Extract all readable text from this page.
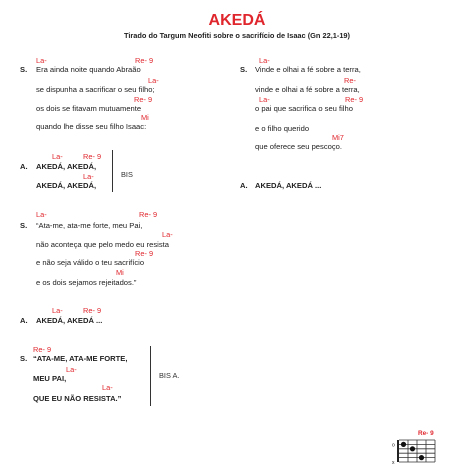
AKEDÁ
Tirado do Targum Neofiti sobre o sacrifício de Isaac (Gn 22,1-19)
La-	Re- 9
S. Era ainda noite quando Abraão
La-
se dispunha a sacrificar o seu filho;
Re- 9
os dois se fitavam mutuamente
Mi
quando lhe disse seu filho Isaac:
La-	Re- 9
A. AKEDÁ, AKEDÁ,
La-
AKEDÁ, AKEDÁ,
BIS
La-	Re- 9
S. “Ata-me, ata-me forte, meu Pai,
La-
não aconteça que pelo medo eu resista
Re- 9
e não seja válido o teu sacrifício
Mi
e os dois sejamos rejeitados.”
La-	Re- 9
A. AKEDÁ, AKEDÁ ...
Re- 9
S. “ATA-ME, ATA-ME FORTE,
La-
MEU PAI,
La-
QUE EU NÃO RESISTA.”
BIS A.
La-
S. Vinde e olhai a fé sobre a terra,
Re-
vinde e olhai a fé sobre a terra,
La-	Re- 9
o pai que sacrifica o seu filho
e o filho querido
Mi7
que oferece seu pescoço.
A. AKEDÁ, AKEDÁ ...
Re- 9
o
x
